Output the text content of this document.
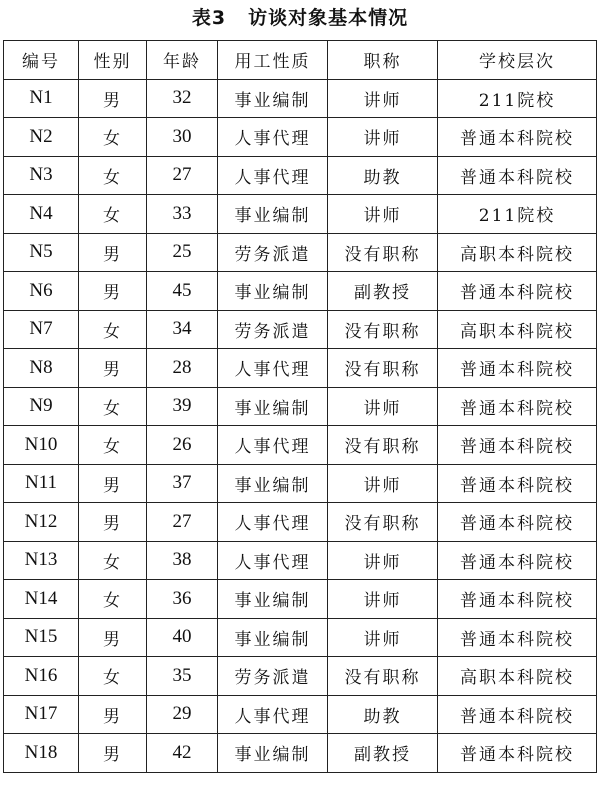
表3 访谈对象基本情况
编号	性别	年龄	用工性质	职称	学校层次
N1	男	32	事业编制	讲师	211院校
N2	女	30	人事代理	讲师	普通本科院校
N3	女	27	人事代理	助教	普通本科院校
N4	女	33	事业编制	讲师	211院校
N5	男	25	劳务派遣	没有职称	高职本科院校
N6	男	45	事业编制	副教授	普通本科院校
N7	女	34	劳务派遣	没有职称	高职本科院校
N8	男	28	人事代理	没有职称	普通本科院校
N9	女	39	事业编制	讲师	普通本科院校
N10	女	26	人事代理	没有职称	普通本科院校
N11	男	37	事业编制	讲师	普通本科院校
N12	男	27	人事代理	没有职称	普通本科院校
N13	女	38	人事代理	讲师	普通本科院校
N14	女	36	事业编制	讲师	普通本科院校
N15	男	40	事业编制	讲师	普通本科院校
N16	女	35	劳务派遣	没有职称	高职本科院校
N17	男	29	人事代理	助教	普通本科院校
N18	男	42	事业编制	副教授	普通本科院校
